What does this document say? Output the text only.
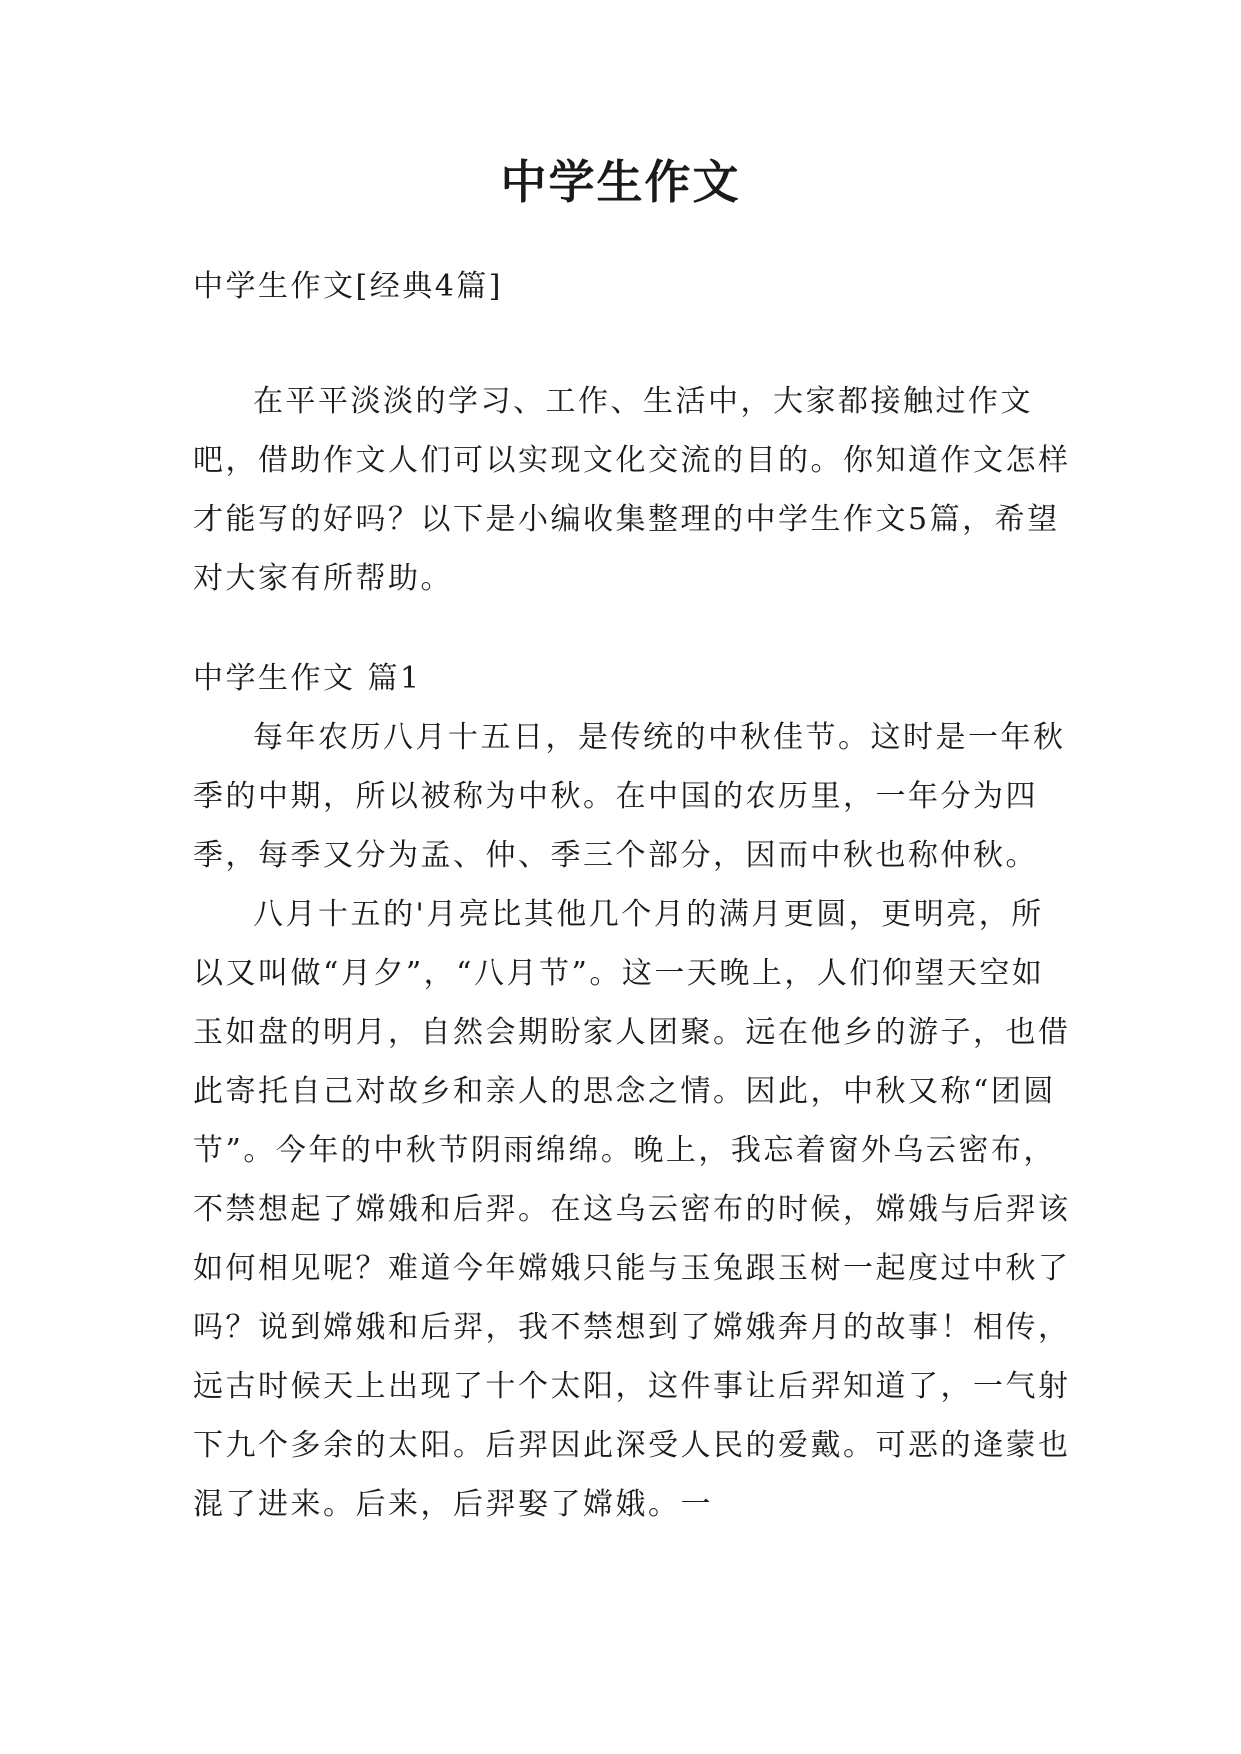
中学生作文

中学生作文[经典4篇]

在平平淡淡的学习、工作、生活中，大家都接触过作文吧，借助作文人们可以实现文化交流的目的。你知道作文怎样才能写的好吗？以下是小编收集整理的中学生作文5篇，希望对大家有所帮助。

中学生作文 篇1

每年农历八月十五日，是传统的中秋佳节。这时是一年秋季的中期，所以被称为中秋。在中国的农历里，一年分为四季，每季又分为孟、仲、季三个部分，因而中秋也称仲秋。

八月十五的'月亮比其他几个月的满月更圆，更明亮，所以又叫做“月夕”，“八月节”。这一天晚上，人们仰望天空如玉如盘的明月，自然会期盼家人团聚。远在他乡的游子，也借此寄托自己对故乡和亲人的思念之情。因此，中秋又称“团圆节”。今年的中秋节阴雨绵绵。晚上，我忘着窗外乌云密布，不禁想起了嫦娥和后羿。在这乌云密布的时候，嫦娥与后羿该如何相见呢？难道今年嫦娥只能与玉兔跟玉树一起度过中秋了吗？说到嫦娥和后羿，我不禁想到了嫦娥奔月的故事！相传，远古时候天上出现了十个太阳，这件事让后羿知道了，一气射下九个多余的太阳。后羿因此深受人民的爱戴。可恶的逄蒙也混了进来。后来，后羿娶了嫦娥。一
